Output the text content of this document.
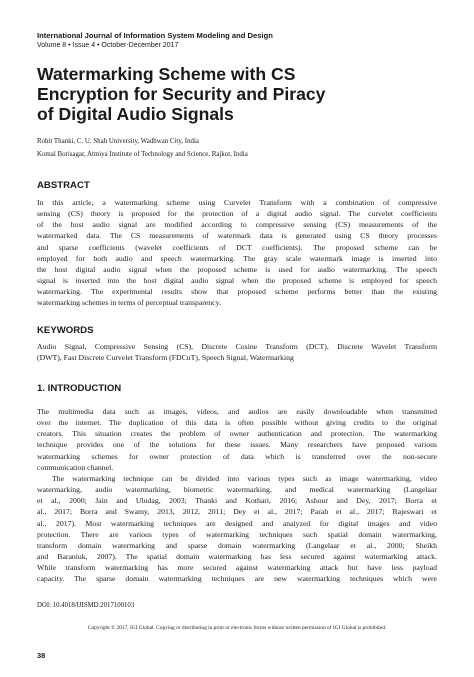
International Journal of Information System Modeling and Design
Volume 8 • Issue 4 • October-December 2017
Watermarking Scheme with CS
Encryption for Security and Piracy
of Digital Audio Signals
Rohit Thanki, C. U. Shah University, Wadhwan City, India
Komal Borisagar, Atmiya Institute of Technology and Science, Rajkot, India
ABSTRACT

In this article, a watermarking scheme using Curvelet Transform with a combination of compressive
sensing (CS) theory is proposed for the protection of a digital audio signal. The curvelet coefficients
of the host audio signal are modified according to compressive sensing (CS) measurements of the
watermarked data. The CS measurements of watermark data is generated using CS theory processes
and sparse coefficients (wavelet coefficients of DCT coefficients). The proposed scheme can be
employed for both audio and speech watermarking. The gray scale watermark image is inserted into
the host digital audio signal when the proposed scheme is used for audio watermarking. The speech
signal is inserted into the host digital audio signal when the proposed scheme is employed for speech
watermarking. The experimental results show that proposed scheme performs better than the existing
watermarking schemes in terms of perceptual transparency.

KEYWORDS

Audio Signal, Compressive Sensing (CS), Discrete Cosine Transform (DCT), Discrete Wavelet Transform
(DWT), Fast Discrete Curvelet Transform (FDCuT), Speech Signal, Watermarking

1. INTRODUCTION

The multimedia data such as images, videos, and audios are easily downloadable when transmitted
over the internet. The duplication of this data is often possible without giving credits to the original
creators. This situation creates the problem of owner authentication and protection. The watermarking
technique provides one of the solutions for these issues. Many researchers have proposed various
watermarking schemes for owner protection of data which is transferred over the non-secure
communication channel.

The watermarking technique can be divided into various types such as image watermarking, video
watermarking, audio watermarking, biometric watermarking, and medical watermarking (Langelaar
et al., 2000; Jain and Uludag, 2003; Thanki and Kothari, 2016; Ashour and Dey, 2017; Borra et
al., 2017; Borra and Swamy, 2013, 2012, 2011; Dey et al., 2017; Parah et al., 2017; Rajeswari et
al., 2017). Most watermarking techniques are designed and analyzed for digital images and video
protection. There are various types of watermarking techniques such spatial domain watermarking,
transform domain watermarking and sparse domain watermarking (Langelaar et al., 2000; Sheikh
and Baraniuk, 2007). The spatial domain watermarking has less secured against watermarking attack.
While transform watermarking has more secured against watermarking attack but have less payload
capacity. The sparse domain watermarking techniques are new watermarking techniques which were

DOI: 10.4018/IJISMD.2017100103
Copyright © 2017, IGI Global. Copying or distributing in print or electronic forms without written permission of IGI Global is prohibited.
38
